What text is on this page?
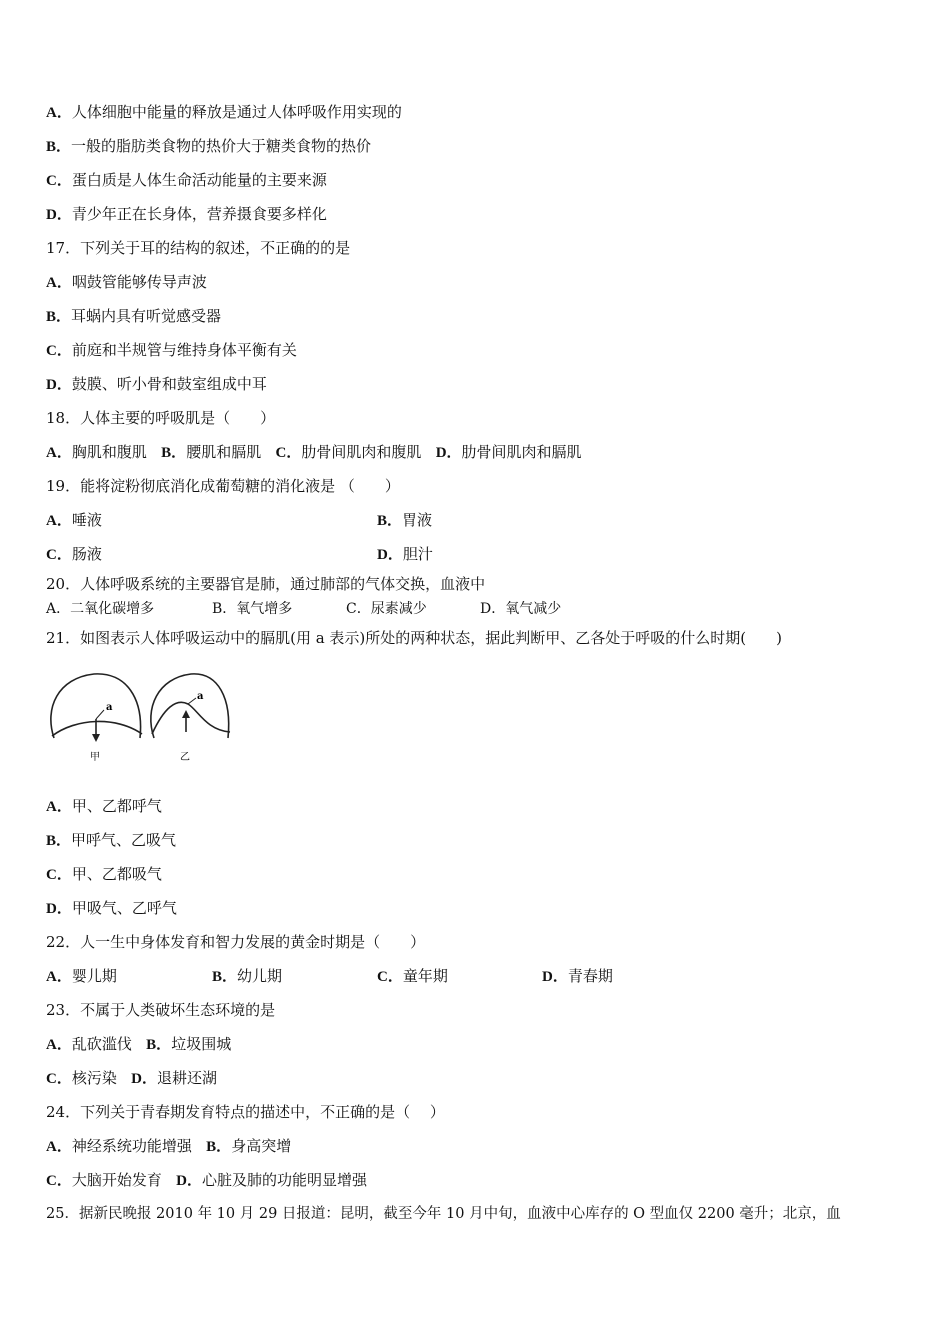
A．人体细胞中能量的释放是通过人体呼吸作用实现的
B．一般的脂肪类食物的热价大于糖类食物的热价
C．蛋白质是人体生命活动能量的主要来源
D．青少年正在长身体，营养摄食要多样化
17．下列关于耳的结构的叙述，不正确的的是
A．咽鼓管能够传导声波
B．耳蜗内具有听觉感受器
C．前庭和半规管与维持身体平衡有关
D．鼓膜、听小骨和鼓室组成中耳
18．人体主要的呼吸肌是（　　）
A．胸肌和腹肌 B．腰肌和膈肌 C．肋骨间肌肉和腹肌 D．肋骨间肌肉和膈肌
19．能将淀粉彻底消化成葡萄糖的消化液是 （　　）
A．唾液	B．胃液
C．肠液	D．胆汁
20．人体呼吸系统的主要器官是肺，通过肺部的气体交换，血液中
A．二氧化碳增多	B．氧气增多	C．尿素减少	D．氧气减少
21．如图表示人体呼吸运动中的膈肌(用 a 表示)所处的两种状态，据此判断甲、乙各处于呼吸的什么时期(　　)
a
甲
a
乙
A．甲、乙都呼气
B．甲呼气、乙吸气
C．甲、乙都吸气
D．甲吸气、乙呼气
22．人一生中身体发育和智力发展的黄金时期是（　　）
A．婴儿期	B．幼儿期	C．童年期	D．青春期
23．不属于人类破坏生态环境的是
A．乱砍滥伐 B．垃圾围城
C．核污染 D．退耕还湖
24．下列关于青春期发育特点的描述中，不正确的是（　 ）
A．神经系统功能增强 B．身高突增
C．大脑开始发育 D．心脏及肺的功能明显增强
25．据新民晚报 2010 年 10 月 29 日报道：昆明，截至今年 10 月中旬，血液中心库存的 O 型血仅 2200 毫升；北京，血
